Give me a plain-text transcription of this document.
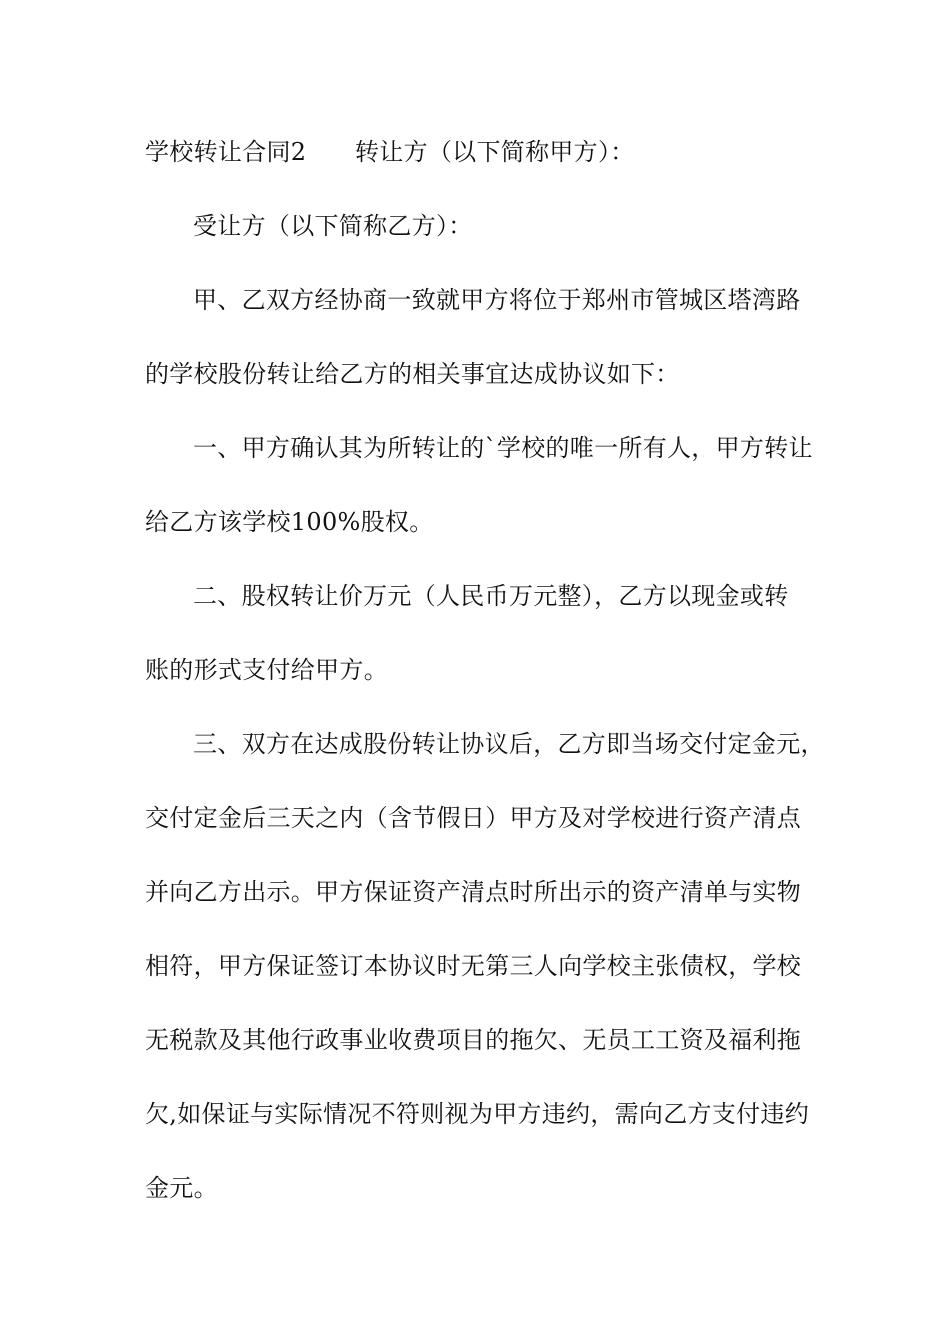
学校转让合同2　　转让方（以下简称甲方）：
受让方（以下简称乙方）：
甲、乙双方经协商一致就甲方将位于郑州市管城区塔湾路
的学校股份转让给乙方的相关事宜达成协议如下：
一、甲方确认其为所转让的`学校的唯一所有人，甲方转让
给乙方该学校100%股权。
二、股权转让价万元（人民币万元整），乙方以现金或转
账的形式支付给甲方。
三、双方在达成股份转让协议后，乙方即当场交付定金元，
交付定金后三天之内（含节假日）甲方及对学校进行资产清点
并向乙方出示。甲方保证资产清点时所出示的资产清单与实物
相符，甲方保证签订本协议时无第三人向学校主张债权，学校
无税款及其他行政事业收费项目的拖欠、无员工工资及福利拖
欠,如保证与实际情况不符则视为甲方违约，需向乙方支付违约
金元。
